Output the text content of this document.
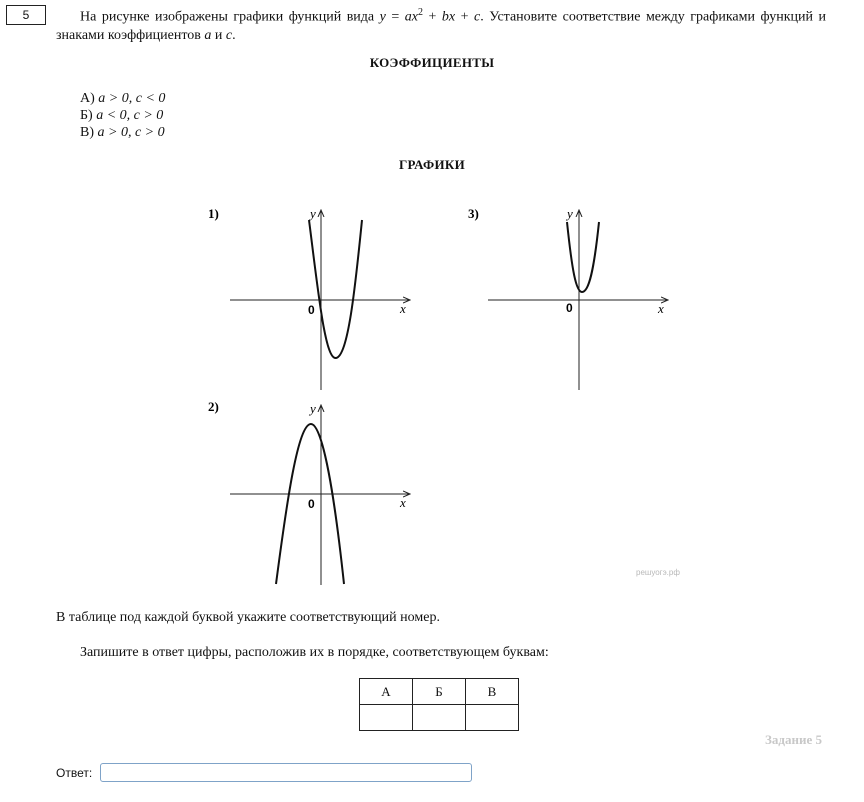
5	На рисунке изображены графики функций вида $y = ax^2$ + bx + c. Установите соответствие между графиками функций и знаками коэффициентов a и c.
КОЭФФИЦИЕНТЫ
А) a > 0, c < 0
Б) a < 0, c > 0
В) a > 0, c > 0
ГРАФИКИ
1)
x
y
0
3)
x
y
0
2)
x
y
0
решуогэ.рф
В таблице под каждой буквой укажите соответствующий номер.
Запишите в ответ цифры, расположив их в порядке, соответствующем буквам:
А	Б	В

Задание 5
Ответ:
